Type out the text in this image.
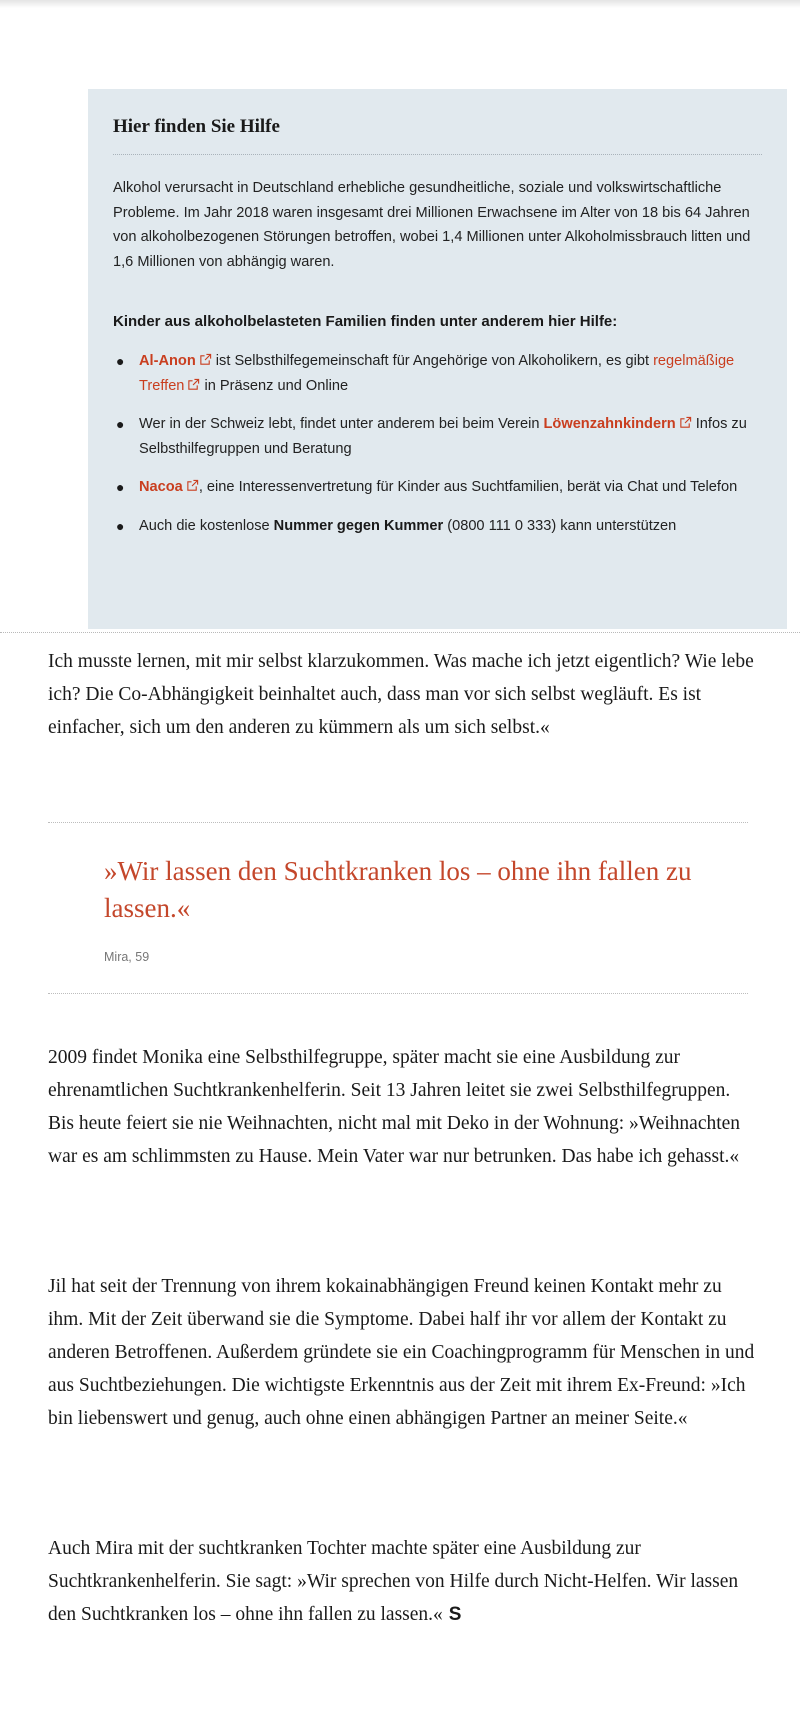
Hier finden Sie Hilfe

Alkohol verursacht in Deutschland erhebliche gesundheitliche, soziale und volkswirtschaftliche Probleme. Im Jahr 2018 waren insgesamt drei Millionen Erwachsene im Alter von 18 bis 64 Jahren von alkoholbezogenen Störungen betroffen, wobei 1,4 Millionen unter Alkoholmissbrauch litten und 1,6 Millionen von abhängig waren.

Kinder aus alkoholbelasteten Familien finden unter anderem hier Hilfe:

● Al-Anon ist Selbsthilfegemeinschaft für Angehörige von Alkoholikern, es gibt regelmäßige Treffen in Präsenz und Online
● Wer in der Schweiz lebt, findet unter anderem bei beim Verein Löwenzahnkindern Infos zu Selbsthilfegruppen und Beratung
● Nacoa , eine Interessenvertretung für Kinder aus Suchtfamilien, berät via Chat und Telefon
● Auch die kostenlose Nummer gegen Kummer (0800 111 0 333) kann unterstützen

Ich musste lernen, mit mir selbst klarzukommen. Was mache ich jetzt eigentlich? Wie lebe ich? Die Co-Abhängigkeit beinhaltet auch, dass man vor sich selbst wegläuft. Es ist einfacher, sich um den anderen zu kümmern als um sich selbst.«

»Wir lassen den Suchtkranken los – ohne ihn fallen zu lassen.«
Mira, 59

2009 findet Monika eine Selbsthilfegruppe, später macht sie eine Ausbildung zur ehrenamtlichen Suchtkrankenhelferin. Seit 13 Jahren leitet sie zwei Selbsthilfegruppen. Bis heute feiert sie nie Weihnachten, nicht mal mit Deko in der Wohnung: »Weihnachten war es am schlimmsten zu Hause. Mein Vater war nur betrunken. Das habe ich gehasst.«

Jil hat seit der Trennung von ihrem kokainabhängigen Freund keinen Kontakt mehr zu ihm. Mit der Zeit überwand sie die Symptome. Dabei half ihr vor allem der Kontakt zu anderen Betroffenen. Außerdem gründete sie ein Coachingprogramm für Menschen in und aus Suchtbeziehungen. Die wichtigste Erkenntnis aus der Zeit mit ihrem Ex-Freund: »Ich bin liebenswert und genug, auch ohne einen abhängigen Partner an meiner Seite.«

Auch Mira mit der suchtkranken Tochter machte später eine Ausbildung zur Suchtkrankenhelferin. Sie sagt: »Wir sprechen von Hilfe durch Nicht-Helfen. Wir lassen den Suchtkranken los – ohne ihn fallen zu lassen.« S
